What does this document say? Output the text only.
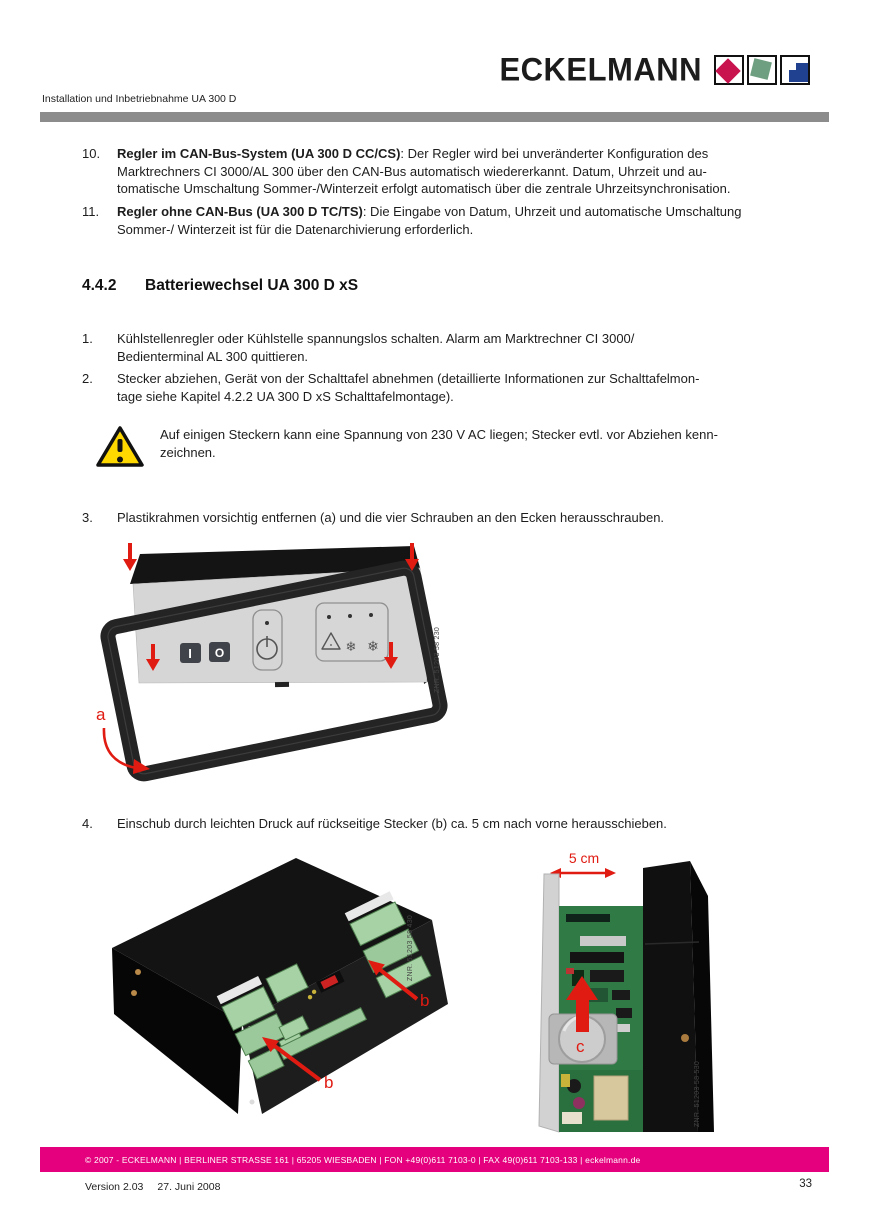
ECKELMANN
Installation und Inbetriebnahme UA 300 D
10.	Regler im CAN-Bus-System (UA 300 D CC/CS): Der Regler wird bei unveränderter Konfiguration des
Marktrechners CI 3000/AL 300 über den CAN-Bus automatisch wiedererkannt. Datum, Uhrzeit und au-
tomatische Umschaltung Sommer-/Winterzeit erfolgt automatisch über die zentrale Uhrzeitsynchronisation.
11.	Regler ohne CAN-Bus (UA 300 D TC/TS): Die Eingabe von Datum, Uhrzeit und automatische Umschaltung
Sommer-/ Winterzeit ist für die Datenarchivierung erforderlich.
4.4.2	Batteriewechsel UA 300 D xS
1.	Kühlstellenregler oder Kühlstelle spannungslos schalten. Alarm am Marktrechner CI 3000/
Bedienterminal AL 300 quittieren.
2.	Stecker abziehen, Gerät von der Schalttafel abnehmen (detaillierte Informationen zur Schalttafelmon-
tage siehe Kapitel 4.2.2 UA 300 D xS Schalttafelmontage).
Auf einigen Steckern kann eine Spannung von 230 V AC liegen; Stecker evtl. vor Abziehen kenn-
zeichnen.
3.	Plastikrahmen vorsichtig entfernen (a) und die vier Schrauben an den Ecken herausschrauben.
I O	❄ ❄
a
ZNR. 51203 58 230
4.	Einschub durch leichten Druck auf rückseitige Stecker (b) ca. 5 cm nach vorne herausschieben.
b
b
ZNR. 51203 58 430
5 cm
c
ZNR. 51203 58 530
© 2007 - ECKELMANN | BERLINER STRASSE 161 | 65205 WIESBADEN | FON +49(0)611 7103-0 | FAX 49(0)611 7103-133 | eckelmann.de
Version 2.03 27. Juni 2008	33
